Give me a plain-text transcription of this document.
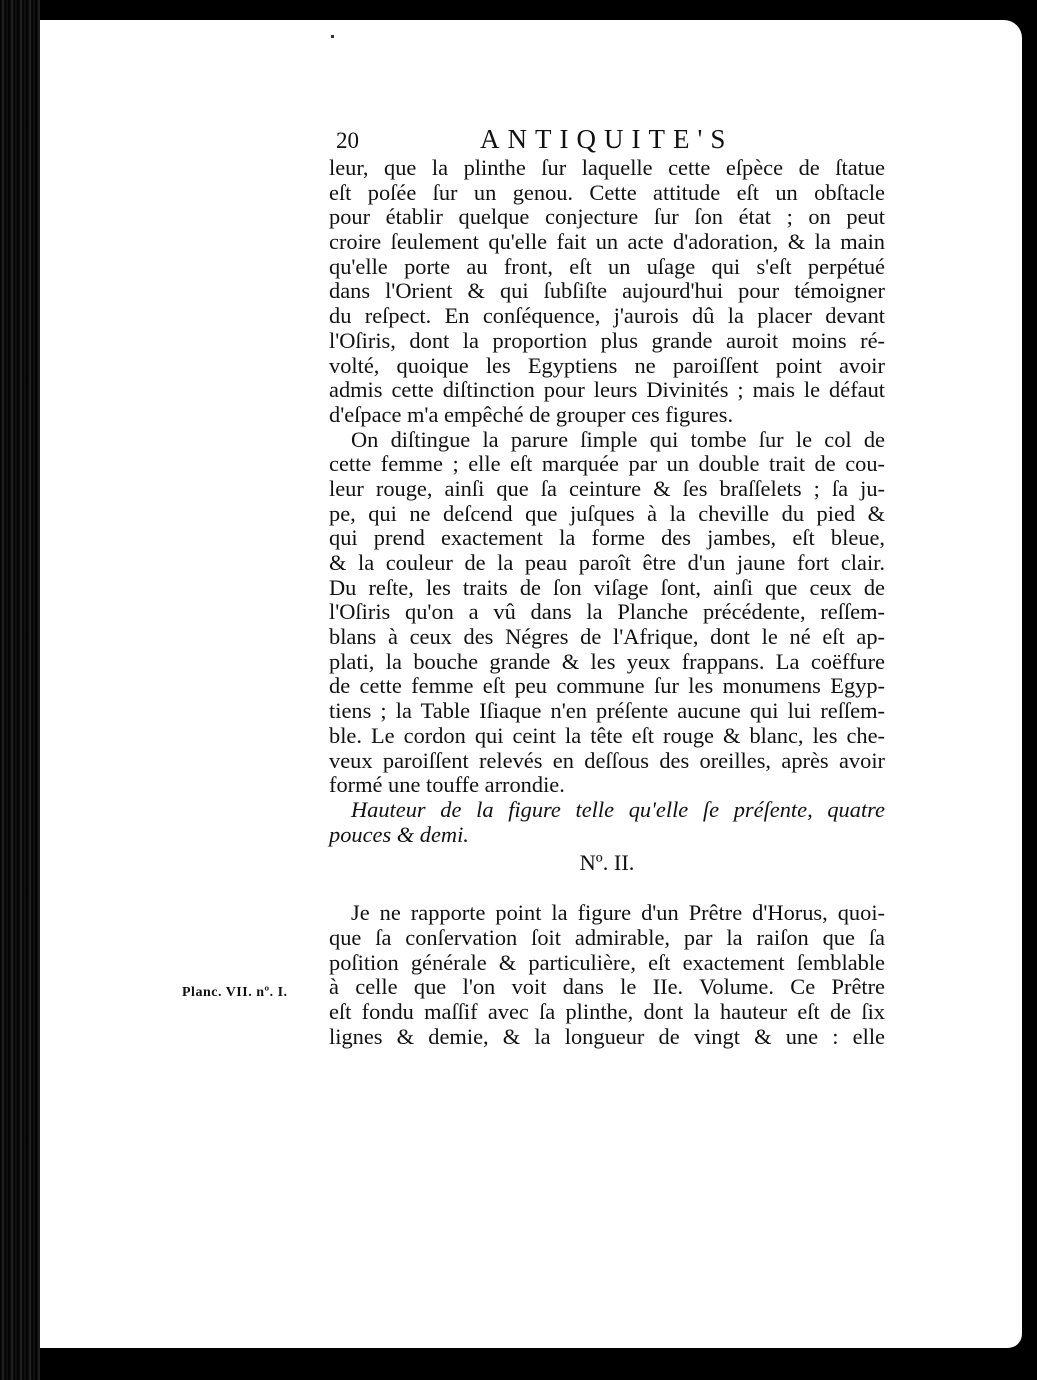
20	ANTIQUITE'S
Planc. VII. nº. I.
leur, que la plinthe ſur laquelle cette eſpèce de ſtatue
eſt poſée ſur un genou. Cette attitude eſt un obſtacle
pour établir quelque conjecture ſur ſon état ; on peut
croire ſeulement qu'elle fait un acte d'adoration, & la main
qu'elle porte au front, eſt un uſage qui s'eſt perpétué
dans l'Orient & qui ſubſiſte aujourd'hui pour témoigner
du reſpect. En conſéquence, j'aurois dû la placer devant
l'Oſiris, dont la proportion plus grande auroit moins ré-
volté, quoique les Egyptiens ne paroiſſent point avoir
admis cette diſtinction pour leurs Divinités ; mais le défaut
d'eſpace m'a empêché de grouper ces figures.
On diſtingue la parure ſimple qui tombe ſur le col de
cette femme ; elle eſt marquée par un double trait de cou-
leur rouge, ainſi que ſa ceinture & ſes braſſelets ; ſa ju-
pe, qui ne deſcend que juſques à la cheville du pied &
qui prend exactement la forme des jambes, eſt bleue,
& la couleur de la peau paroît être d'un jaune fort clair.
Du reſte, les traits de ſon viſage ſont, ainſi que ceux de
l'Oſiris qu'on a vû dans la Planche précédente, reſſem-
blans à ceux des Négres de l'Afrique, dont le né eſt ap-
plati, la bouche grande & les yeux frappans. La coëffure
de cette femme eſt peu commune ſur les monumens Egyp-
tiens ; la Table Iſiaque n'en préſente aucune qui lui reſſem-
ble. Le cordon qui ceint la tête eſt rouge & blanc, les che-
veux paroiſſent relevés en deſſous des oreilles, après avoir
formé une touffe arrondie.
Hauteur de la figure telle qu'elle ſe préſente, quatre
pouces & demi.
Nº. II.
Je ne rapporte point la figure d'un Prêtre d'Horus, quoi-
que ſa conſervation ſoit admirable, par la raiſon que ſa
poſition générale & particulière, eſt exactement ſemblable
à celle que l'on voit dans le IIe. Volume. Ce Prêtre
eſt fondu maſſif avec ſa plinthe, dont la hauteur eſt de ſix
lignes & demie, & la longueur de vingt & une : elle
